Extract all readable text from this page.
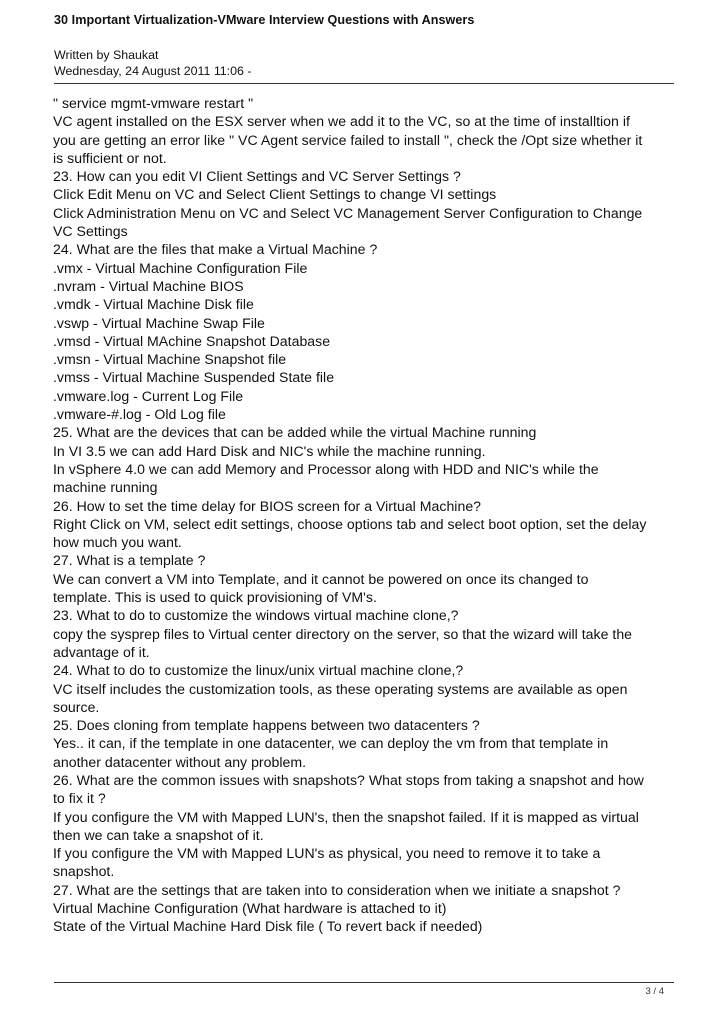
30 Important Virtualization-VMware Interview Questions with Answers
Written by Shaukat
Wednesday, 24 August 2011 11:06 -
" service mgmt-vmware restart "
VC agent installed on the ESX server when we add it to the VC, so at the time of installtion if
you are getting an error like " VC Agent service failed to install ", check the /Opt size whether it
is sufficient or not.
23. How can you edit VI Client Settings and VC Server Settings ?
Click Edit Menu on VC and Select Client Settings to change VI settings
Click Administration Menu on VC and Select VC Management Server Configuration to Change
VC Settings
24. What are the files that make a Virtual Machine ?
.vmx - Virtual Machine Configuration File
.nvram - Virtual Machine BIOS
.vmdk - Virtual Machine Disk file
.vswp - Virtual Machine Swap File
.vmsd - Virtual MAchine Snapshot Database
.vmsn - Virtual Machine Snapshot file
.vmss - Virtual Machine Suspended State file
.vmware.log - Current Log File
.vmware-#.log - Old Log file
25. What are the devices that can be added while the virtual Machine running
In VI 3.5 we can add Hard Disk and NIC's while the machine running.
In vSphere 4.0 we can add Memory and Processor along with HDD and NIC's while the
machine running
26. How to set the time delay for BIOS screen for a Virtual Machine?
Right Click on VM, select edit settings, choose options tab and select boot option, set the delay
how much you want.
27. What is a template ?
We can convert a VM into Template, and it cannot be powered on once its changed to
template. This is used to quick provisioning of VM's.
23. What to do to customize the windows virtual machine clone,?
copy the sysprep files to Virtual center directory on the server, so that the wizard will take the
advantage of it.
24. What to do to customize the linux/unix virtual machine clone,?
VC itself includes the customization tools, as these operating systems are available as open
source.
25. Does cloning from template happens between two datacenters ?
Yes.. it can, if the template in one datacenter, we can deploy the vm from that template in
another datacenter without any problem.
26. What are the common issues with snapshots? What stops from taking a snapshot and how
to fix it ?
If you configure the VM with Mapped LUN's, then the snapshot failed. If it is mapped as virtual
then we can take a snapshot of it.
If you configure the VM with Mapped LUN's as physical, you need to remove it to take a
snapshot.
27. What are the settings that are taken into to consideration when we initiate a snapshot ?
Virtual Machine Configuration (What hardware is attached to it)
State of the Virtual Machine Hard Disk file ( To revert back if needed)
3 / 4
